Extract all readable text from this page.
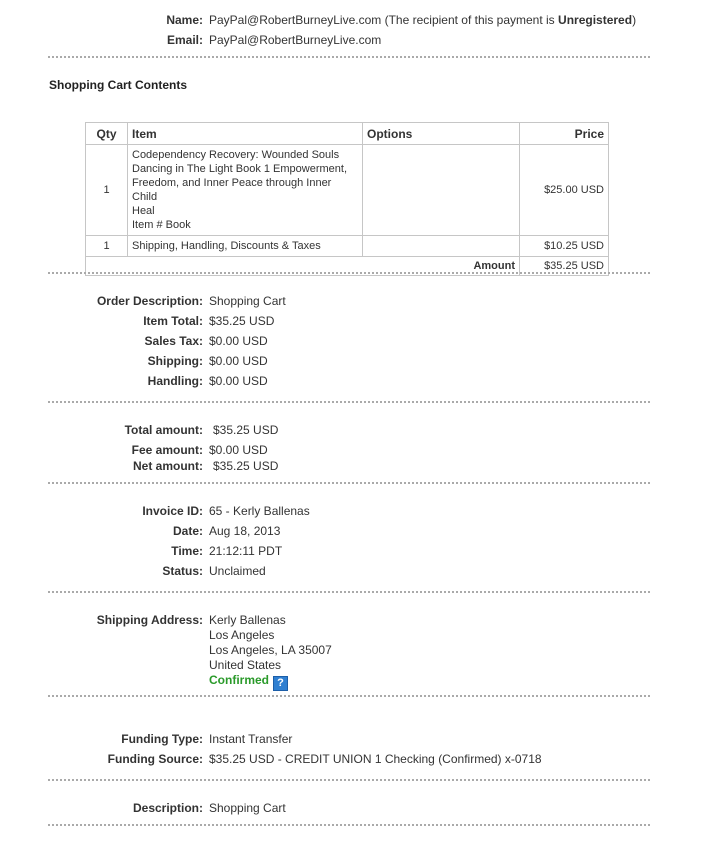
Name: PayPal@RobertBurneyLive.com (The recipient of this payment is Unregistered)
Email: PayPal@RobertBurneyLive.com
Shopping Cart Contents
Qty	Item	Options	Price
1	Codependency Recovery: Wounded Souls
Dancing in The Light Book 1 Empowerment,
Freedom, and Inner Peace through Inner Child
Heal
Item # Book		$25.00 USD
1	Shipping, Handling, Discounts & Taxes		$10.25 USD
Amount			$35.25 USD
Order Description: Shopping Cart
Item Total: $35.25 USD
Sales Tax: $0.00 USD
Shipping: $0.00 USD
Handling: $0.00 USD
Total amount: $35.25 USD
Fee amount: $0.00 USD
Net amount: $35.25 USD
Invoice ID: 65 - Kerly Ballenas
Date: Aug 18, 2013
Time: 21:12:11 PDT
Status: Unclaimed
Shipping Address: Kerly Ballenas
Los Angeles
Los Angeles, LA 35007
United States
Confirmed ?
Funding Type: Instant Transfer
Funding Source: $35.25 USD - CREDIT UNION 1 Checking (Confirmed) x-0718
Description: Shopping Cart
